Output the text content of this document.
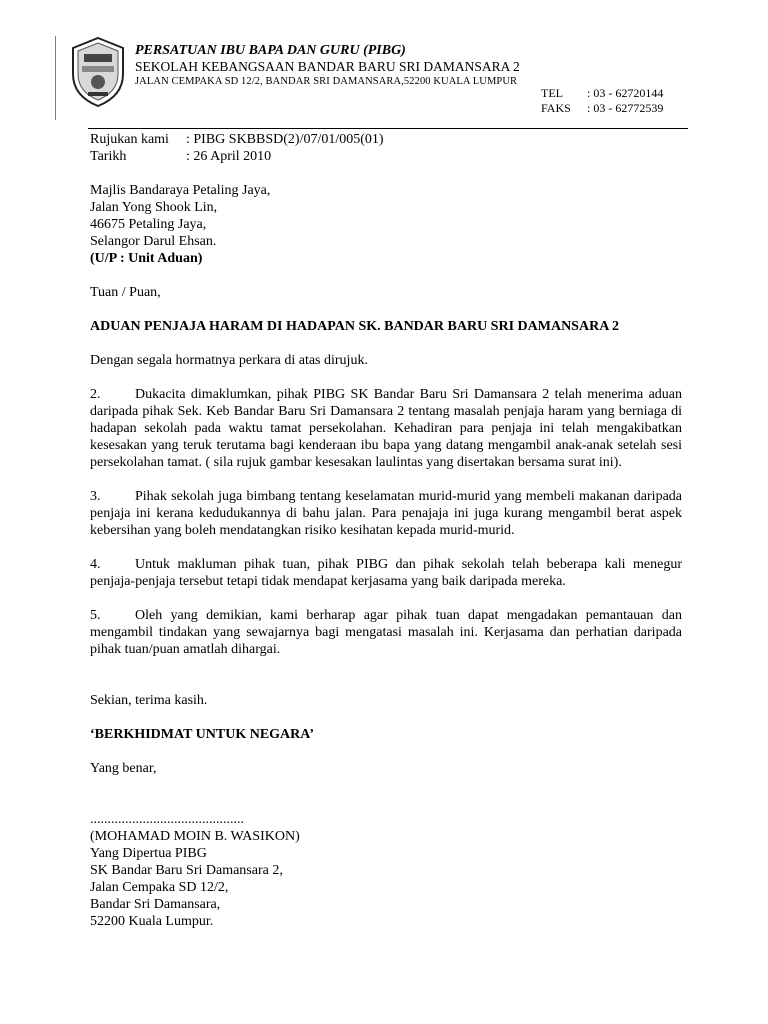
PERSATUAN IBU BAPA DAN GURU (PIBG)
SEKOLAH KEBANGSAAN BANDAR BARU SRI DAMANSARA 2
JALAN CEMPAKA SD 12/2, BANDAR SRI DAMANSARA,52200 KUALA LUMPUR
TEL : 03 - 62720144
FAKS : 03 - 62772539
Rujukan kami : PIBG SKBBSD(2)/07/01/005(01)
Tarikh	: 26 April 2010
Majlis Bandaraya Petaling Jaya,
Jalan Yong Shook Lin,
46675 Petaling Jaya,
Selangor Darul Ehsan.
(U/P : Unit Aduan)

Tuan / Puan,

ADUAN PENJAJA HARAM DI HADAPAN SK. BANDAR BARU SRI DAMANSARA 2

Dengan segala hormatnya perkara di atas dirujuk.

2. Dukacita dimaklumkan, pihak PIBG SK Bandar Baru Sri Damansara 2 telah menerima aduan daripada pihak Sek. Keb Bandar Baru Sri Damansara 2 tentang masalah penjaja haram yang berniaga di hadapan sekolah pada waktu tamat persekolahan. Kehadiran para penjaja ini telah mengakibatkan kesesakan yang teruk terutama bagi kenderaan ibu bapa yang datang mengambil anak-anak setelah sesi persekolahan tamat. ( sila rujuk gambar kesesakan laulintas yang disertakan bersama surat ini).

3. Pihak sekolah juga bimbang tentang keselamatan murid-murid yang membeli makanan daripada penjaja ini kerana kedudukannya di bahu jalan. Para penajaja ini juga kurang mengambil berat aspek kebersihan yang boleh mendatangkan risiko kesihatan kepada murid-murid.

4. Untuk makluman pihak tuan, pihak PIBG dan pihak sekolah telah beberapa kali menegur penjaja-penjaja tersebut tetapi tidak mendapat kerjasama yang baik daripada mereka.

5. Oleh yang demikian, kami berharap agar pihak tuan dapat mengadakan pemantauan dan mengambil tindakan yang sewajarnya bagi mengatasi masalah ini. Kerjasama dan perhatian daripada pihak tuan/puan amatlah dihargai.

Sekian, terima kasih.

‘BERKHIDMAT UNTUK NEGARA’

Yang benar,

............................................
(MOHAMAD MOIN B. WASIKON)
Yang Dipertua PIBG
SK Bandar Baru Sri Damansara 2,
Jalan Cempaka SD 12/2,
Bandar Sri Damansara,
52200 Kuala Lumpur.
